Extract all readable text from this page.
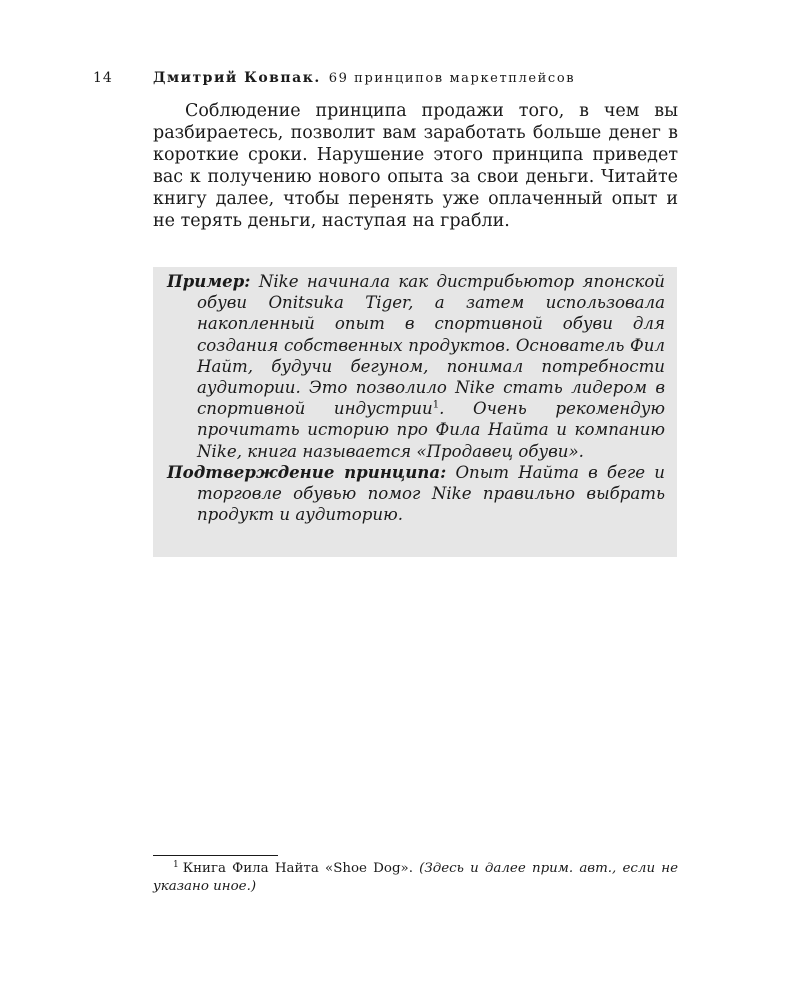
14	Дмитрий Ковпак. 69 принципов маркетплейсов

Соблюдение принципа продажи того, в чем вы разбираетесь, позволит вам заработать больше денег в короткие сроки. Нарушение этого принципа приведет вас к получению нового опыта за свои деньги. Читайте книгу далее, чтобы перенять уже оплаченный опыт и не терять деньги, наступая на грабли.

Пример: Nike начинала как дистрибьютор японской обуви Onitsuka Tiger, а затем использовала накопленный опыт в спортивной обуви для создания собственных продуктов. Основатель Фил Найт, будучи бегуном, понимал потребности аудитории. Это позволило Nike стать лидером в спортивной индустрии$^1$. Очень рекомендую прочитать историю про Фила Найта и компанию Nike, книга называется «Продавец обуви».

Подтверждение принципа: Опыт Найта в беге и торговле обувью помог Nike правильно выбрать продукт и аудиторию.

$^1$ Книга Фила Найта «Shoe Dog». (Здесь и далее прим. авт., если не указано иное.)
